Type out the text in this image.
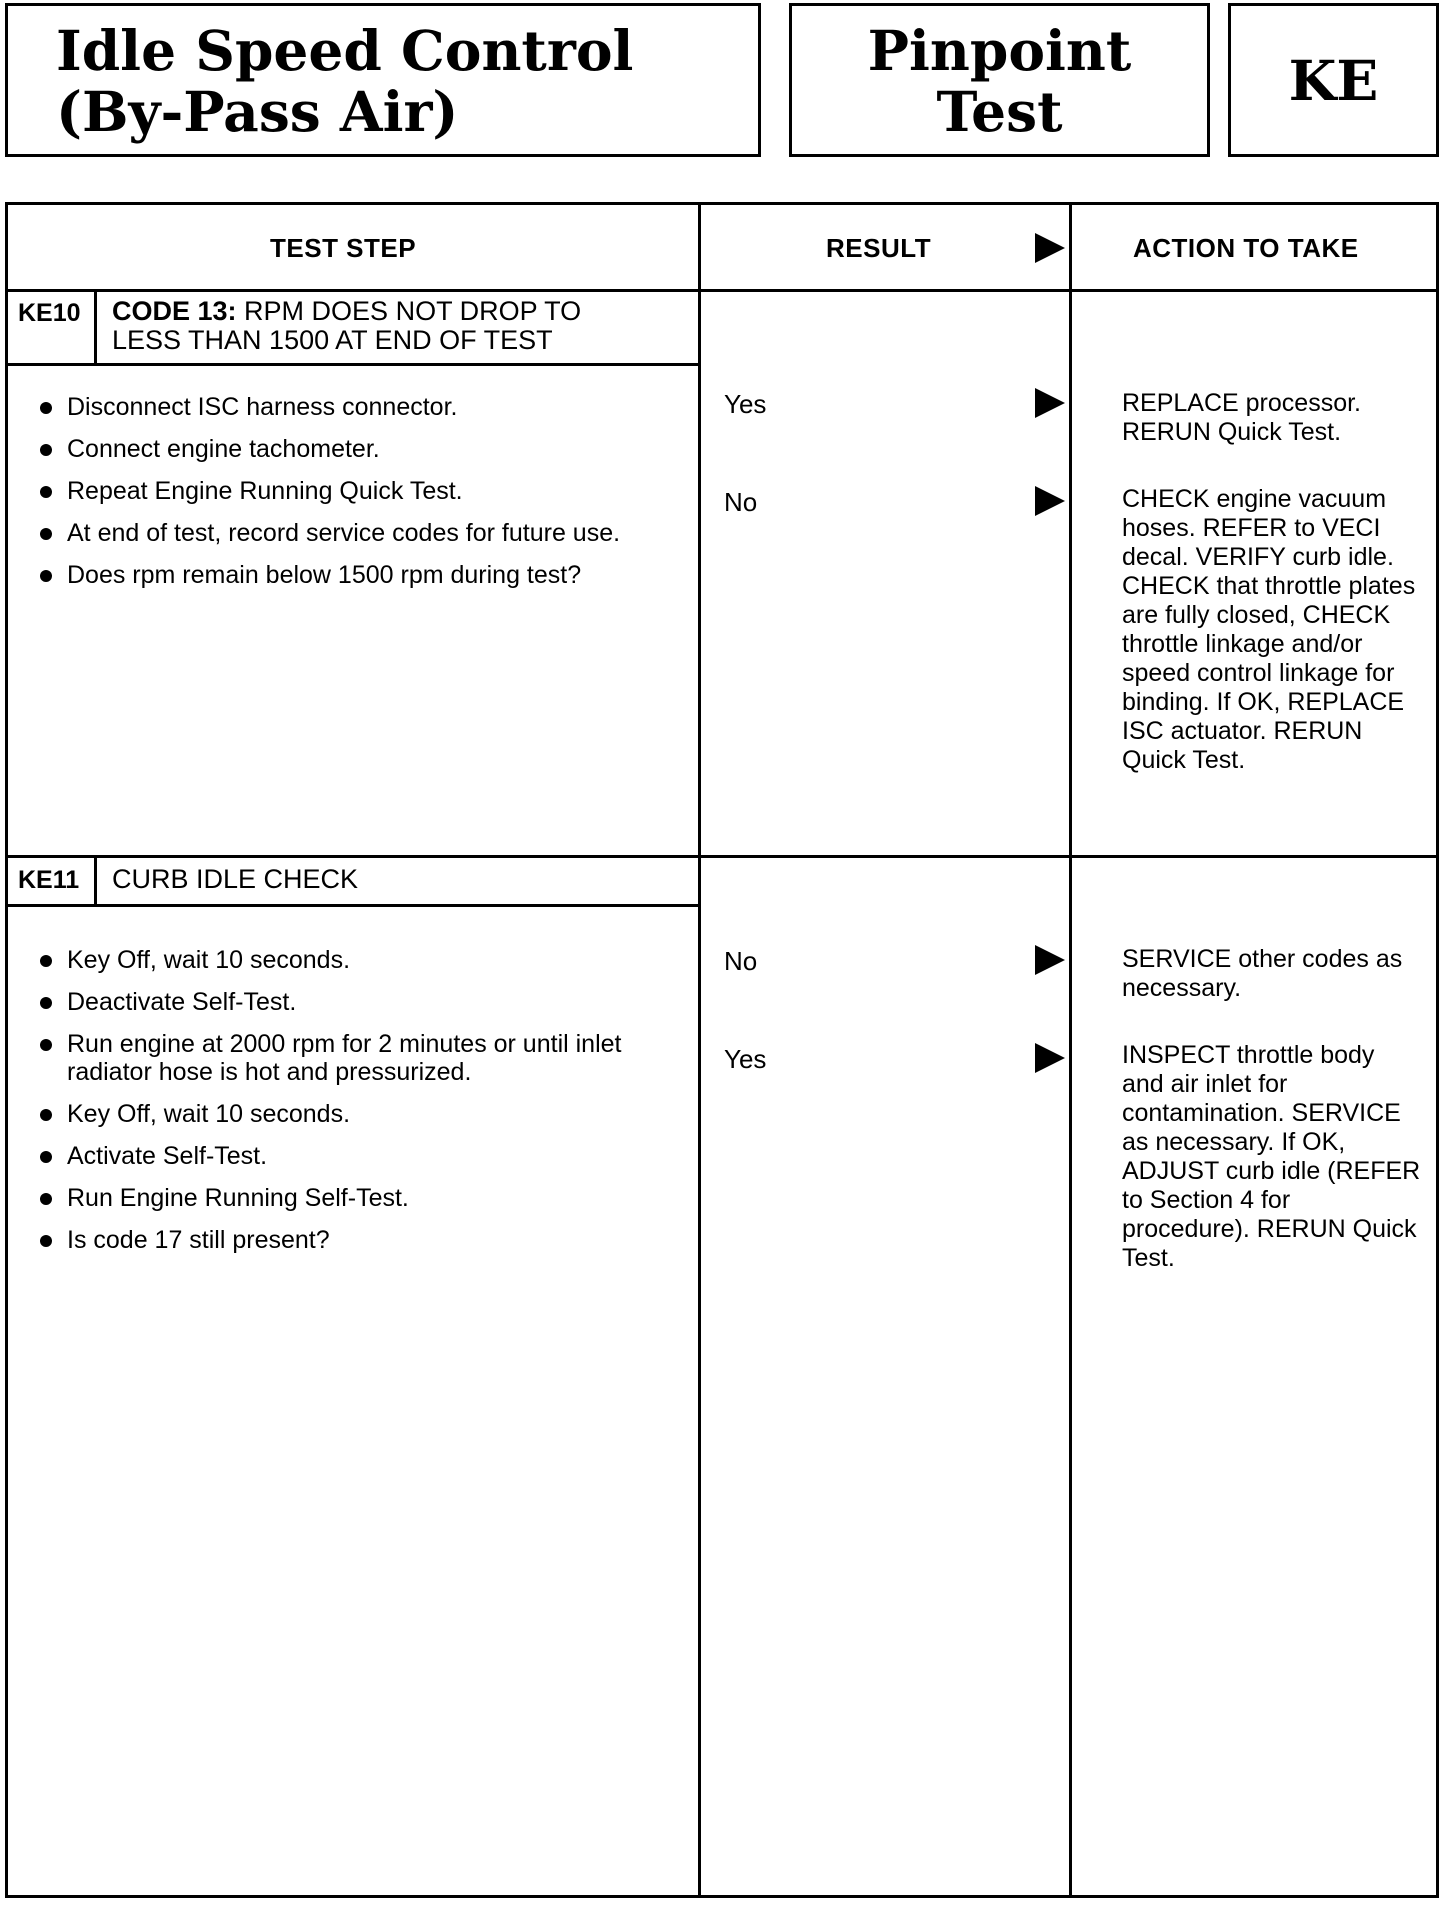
Idle Speed Control
(By-Pass Air)
Pinpoint
Test	KE
TEST STEP	RESULT	ACTION TO TAKE
KE10 CODE 13: RPM DOES NOT DROP TO
LESS THAN 1500 AT END OF TEST
Disconnect ISC harness connector.
Connect engine tachometer.
Repeat Engine Running Quick Test.
At end of test, record service codes for future use.
Does rpm remain below 1500 rpm during test?
Yes	REPLACE processor. RERUN Quick Test.
No	CHECK engine vacuum hoses. REFER to VECI decal. VERIFY curb idle. CHECK that throttle plates are fully closed, CHECK throttle linkage and/or speed control linkage for binding. If OK, REPLACE ISC actuator. RERUN Quick Test.
KE11 CURB IDLE CHECK
Key Off, wait 10 seconds.
Deactivate Self-Test.
Run engine at 2000 rpm for 2 minutes or until inlet radiator hose is hot and pressurized.
Key Off, wait 10 seconds.
Activate Self-Test.
Run Engine Running Self-Test.
Is code 17 still present?
No	SERVICE other codes as necessary.
Yes	INSPECT throttle body and air inlet for contamination. SERVICE as necessary. If OK, ADJUST curb idle (REFER to Section 4 for procedure). RERUN Quick Test.
